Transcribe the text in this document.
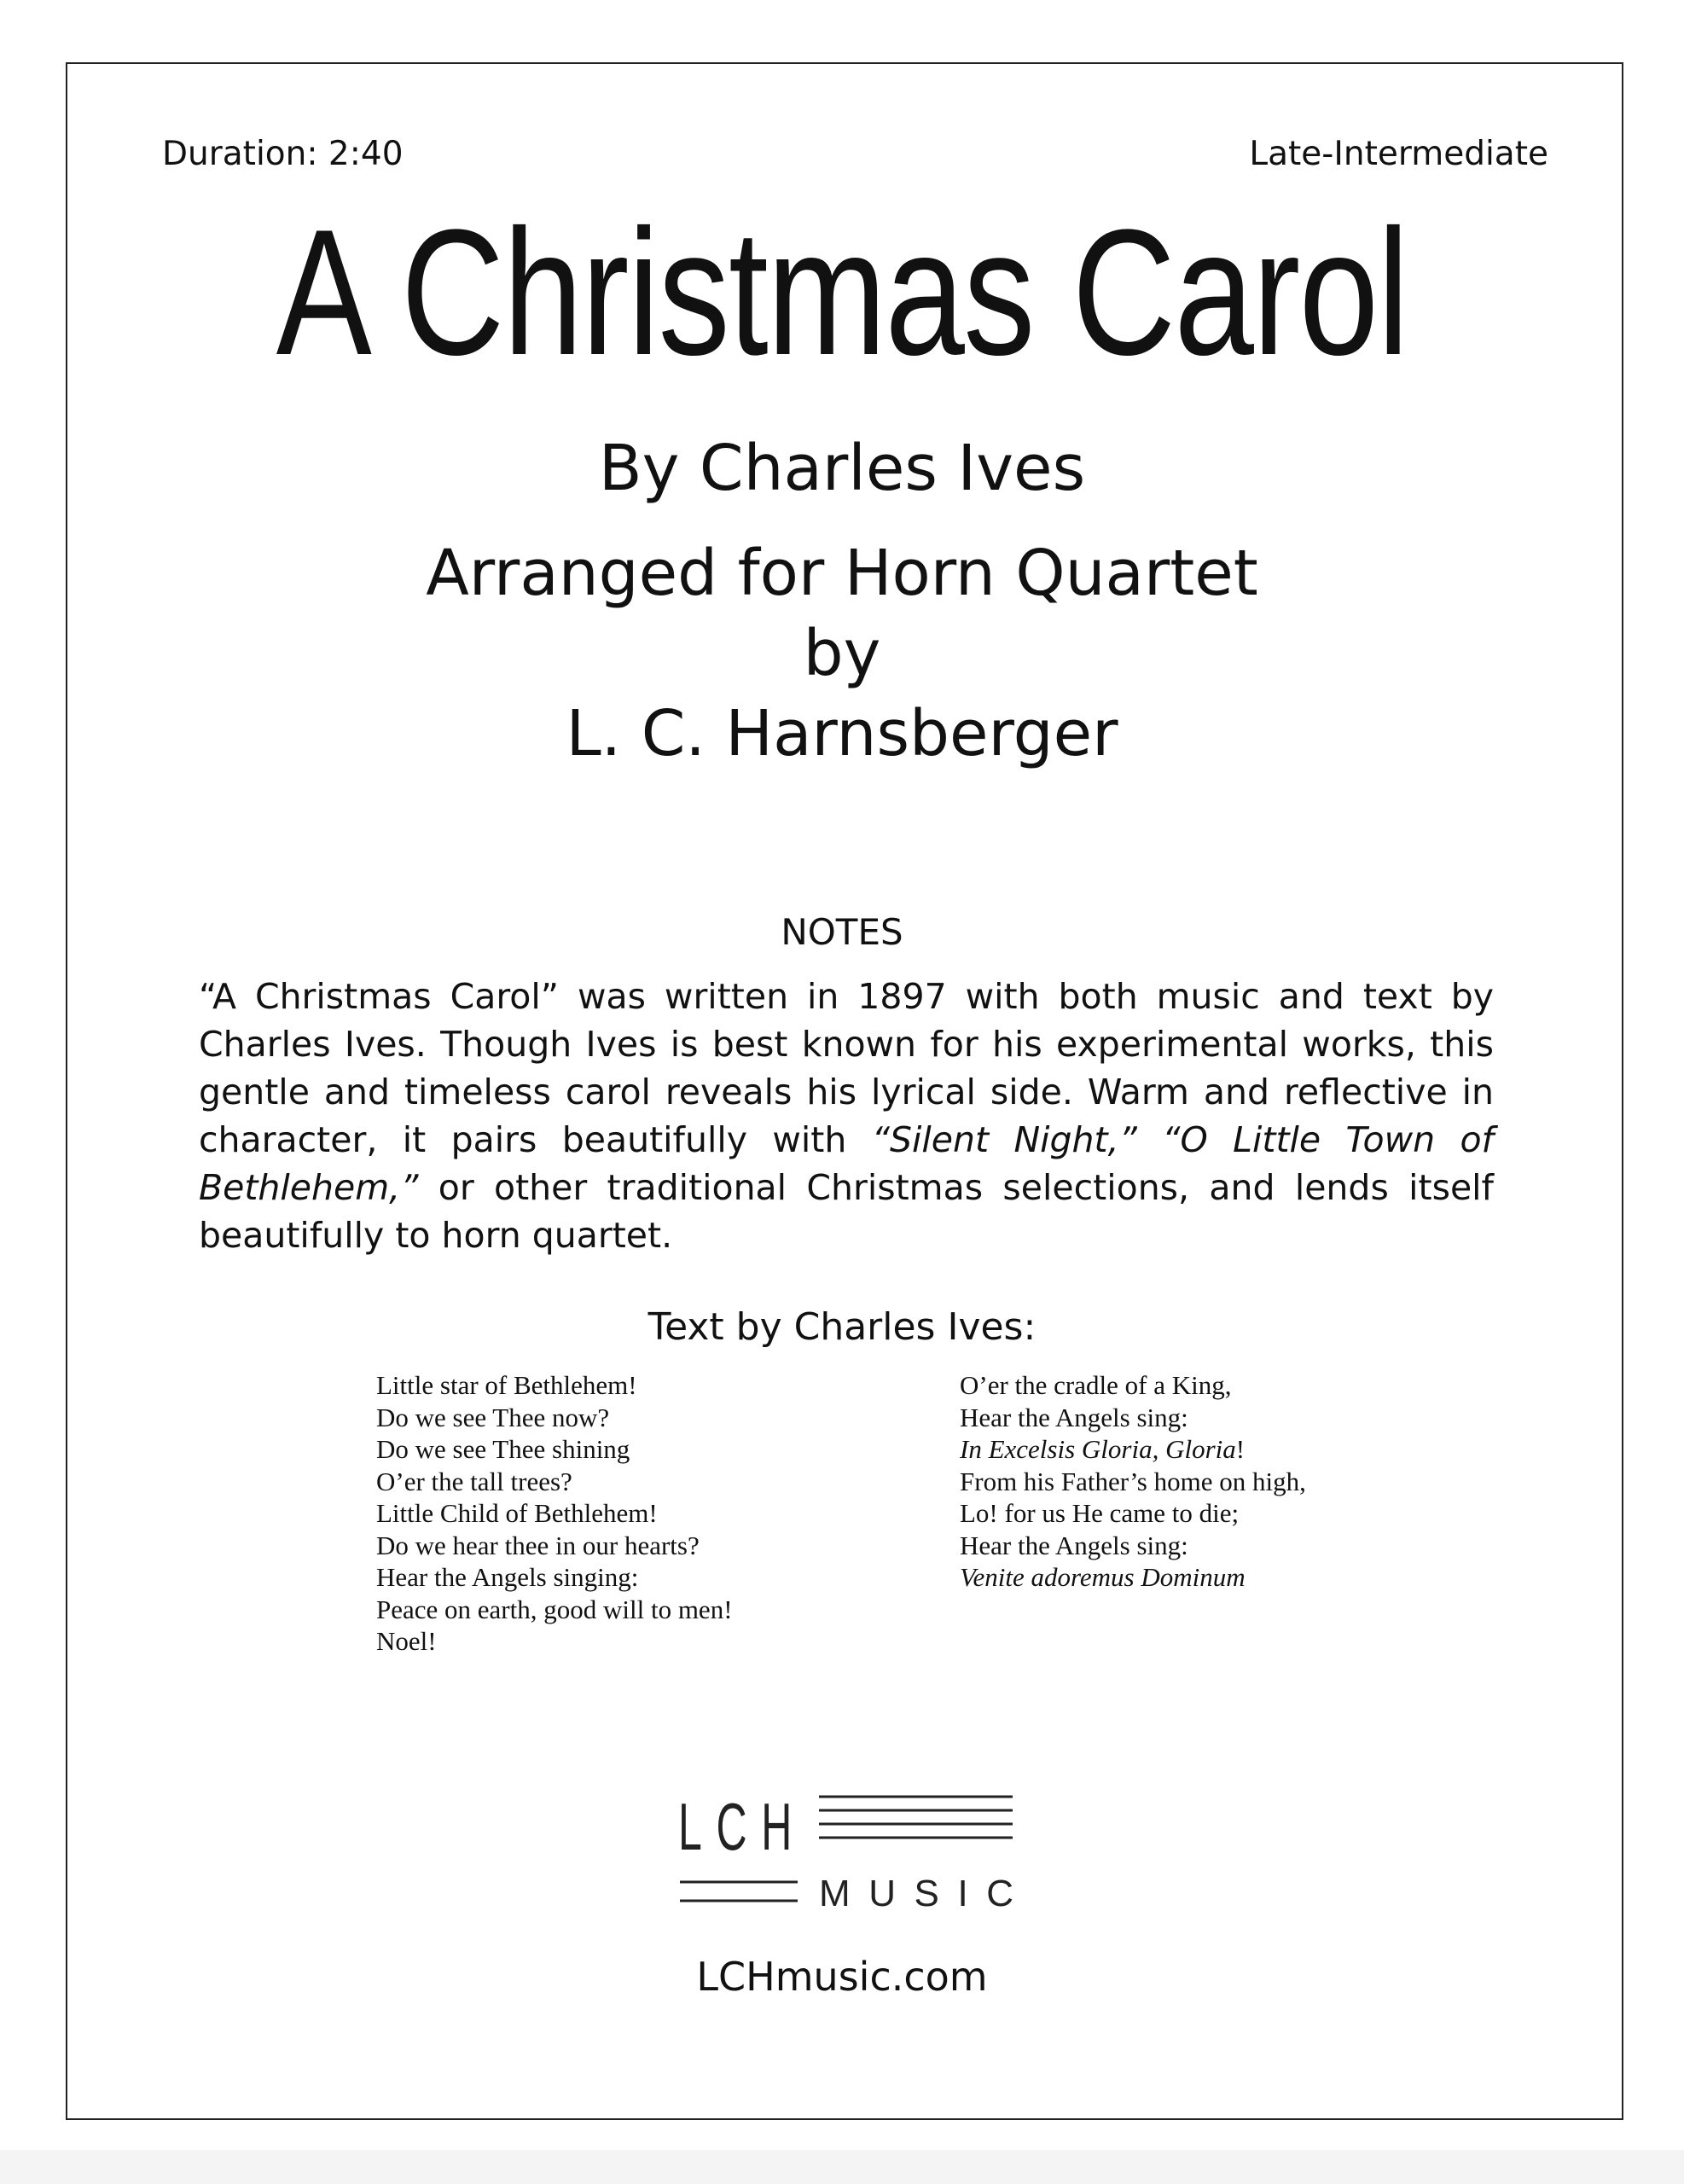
Duration: 2:40	Late-Intermediate
A Christmas Carol
By Charles Ives
Arranged for Horn Quartet
by
L. C. Harnsberger
NOTES
“A Christmas Carol” was written in 1897 with both music and text by Charles Ives. Though Ives is best known for his experimental works, this gentle and timeless carol reveals his lyrical side. Warm and reflective in character, it pairs beautifully with “Silent Night,” “O Little Town of Bethlehem,” or other traditional Christmas selections, and lends itself beautifully to horn quartet.
Text by Charles Ives:
Little star of Bethlehem!
Do we see Thee now?
Do we see Thee shining
O’er the tall trees?
Little Child of Bethlehem!
Do we hear thee in our hearts?
Hear the Angels singing:
Peace on earth, good will to men!
Noel!
O’er the cradle of a King,
Hear the Angels sing:
In Excelsis Gloria, Gloria!
From his Father’s home on high,
Lo! for us He came to die;
Hear the Angels sing:
Venite adoremus Dominum
LCH
MUSIC
LCHmusic.com
